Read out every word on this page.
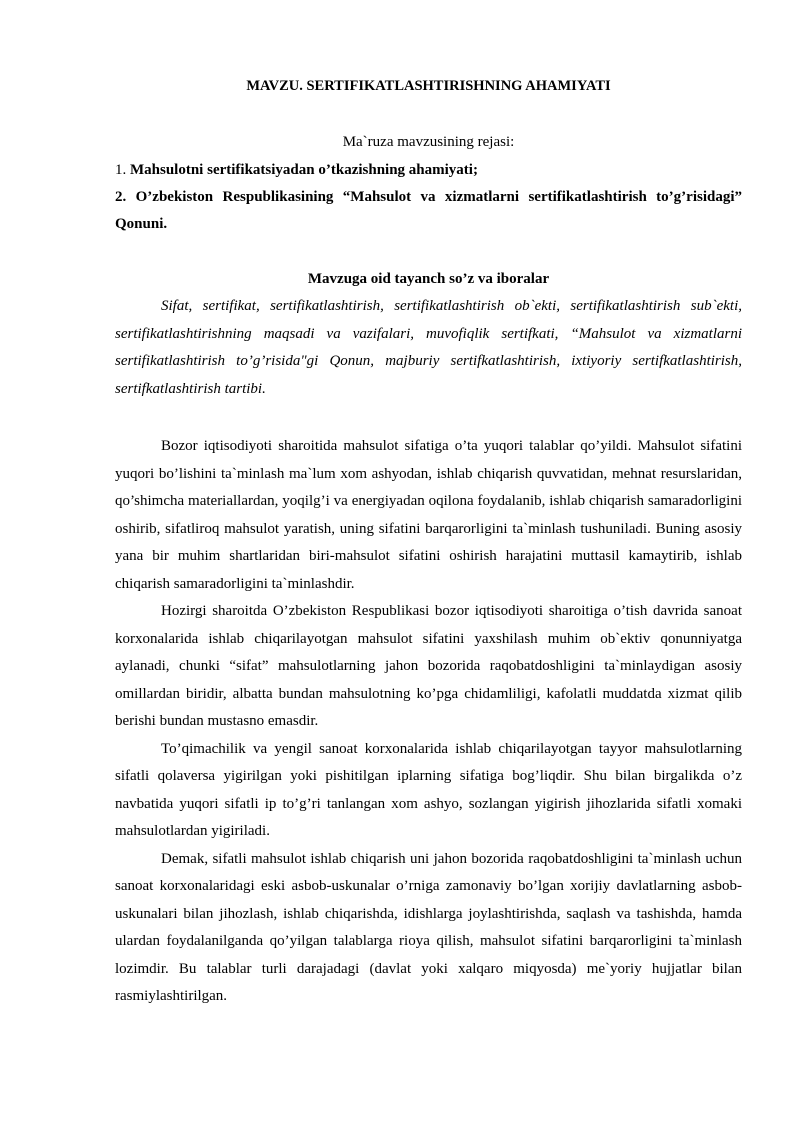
MAVZU. SERTIFIKATLASHTIRISHNING AHAMIYATI
Ma`ruza mavzusining rejasi:
1. Mahsulotni sertifikatsiyadan o’tkazishning ahamiyati;
2. O’zbekiston Respublikasining “Mahsulot va xizmatlarni sertifikatlashtirish to’g’risidagi” Qonuni.
Mavzuga oid tayanch so’z va iboralar
Sifat, sertifikat, sertifikatlashtirish, sertifikatlashtirish ob`ekti, sertifikatlashtirish sub`ekti, sertifikatlashtirishning maqsadi va vazifalari, muvofiqlik sertifkati, “Mahsulot va xizmatlarni sertifikatlashtirish to’g’risida"gi Qonun, majburiy sertifkatlashtirish, ixtiyoriy sertifkatlashtirish, sertifkatlashtirish tartibi.

Bozor iqtisodiyoti sharoitida mahsulot sifatiga o’ta yuqori talablar qo’yildi. Mahsulot sifatini yuqori bo’lishini ta`minlash ma`lum xom ashyodan, ishlab chiqarish quvvatidan, mehnat resurslaridan, qo’shimcha materiallardan, yoqilg’i va energiyadan oqilona foydalanib, ishlab chiqarish samaradorligini oshirib, sifatliroq mahsulot yaratish, uning sifatini barqarorligini ta`minlash tushuniladi. Buning asosiy yana bir muhim shartlaridan biri-mahsulot sifatini oshirish harajatini muttasil kamaytirib, ishlab chiqarish samaradorligini ta`minlashdir.

Hozirgi sharoitda O’zbekiston Respublikasi bozor iqtisodiyoti sharoitiga o’tish davrida sanoat korxonalarida ishlab chiqarilayotgan mahsulot sifatini yaxshilash muhim ob`ektiv qonunniyatga aylanadi, chunki “sifat” mahsulotlarning jahon bozorida raqobatdoshligini ta`minlaydigan asosiy omillardan biridir, albatta bundan mahsulotning ko’pga chidamliligi, kafolatli muddatda xizmat qilib berishi bundan mustasno emasdir.

To’qimachilik va yengil sanoat korxonalarida ishlab chiqarilayotgan tayyor mahsulotlarning sifatli qolaversa yigirilgan yoki pishitilgan iplarning sifatiga bog’liqdir. Shu bilan birgalikda o’z navbatida yuqori sifatli ip to’g’ri tanlangan xom ashyo, sozlangan yigirish jihozlarida sifatli xomaki mahsulotlardan yigiriladi.

Demak, sifatli mahsulot ishlab chiqarish uni jahon bozorida raqobatdoshligini ta`minlash uchun sanoat korxonalaridagi eski asbob-uskunalar o’rniga zamonaviy bo’lgan xorijiy davlatlarning asbob-uskunalari bilan jihozlash, ishlab chiqarishda, idishlarga joylashtirishda, saqlash va tashishda, hamda ulardan foydalanilganda qo’yilgan talablarga rioya qilish, mahsulot sifatini barqarorligini ta`minlash lozimdir. Bu talablar turli darajadagi (davlat yoki xalqaro miqyosda) me`yoriy hujjatlar bilan rasmiylashtirilgan.
